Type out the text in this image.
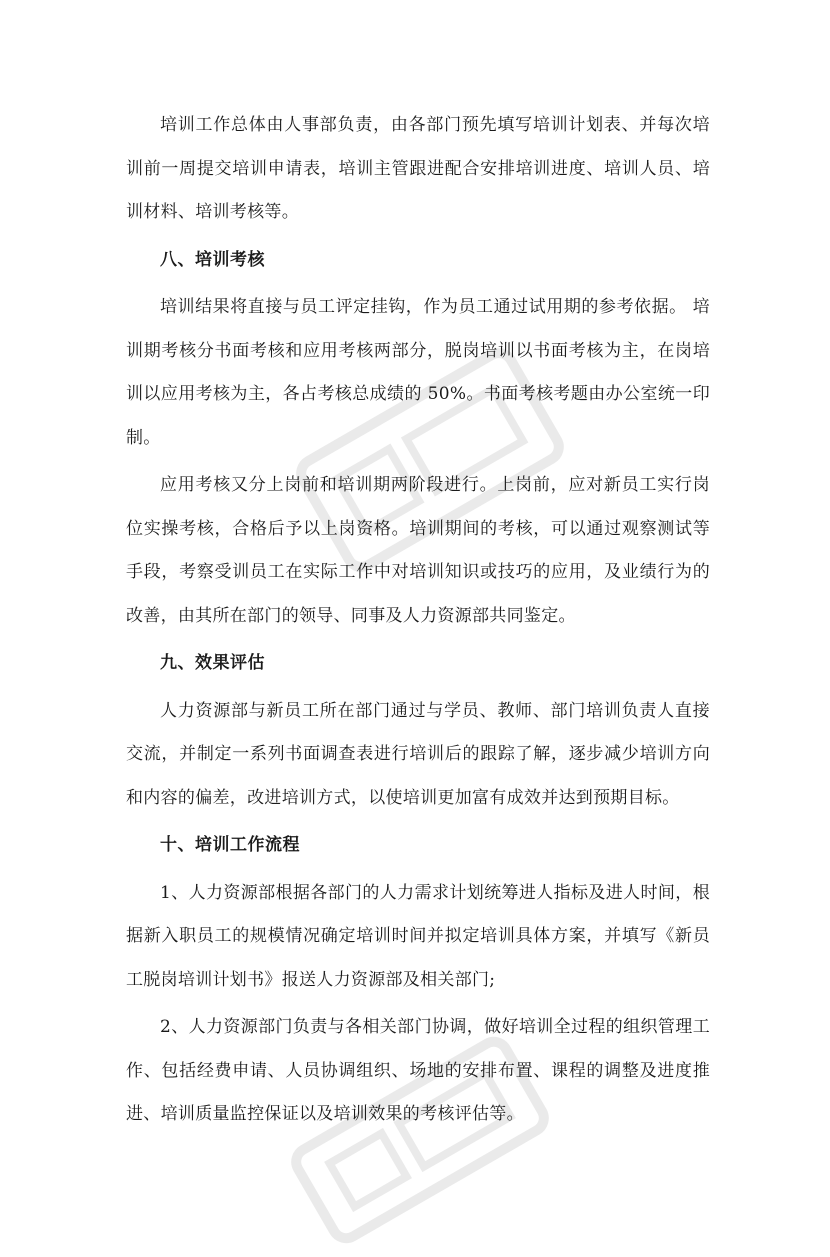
培训工作总体由人事部负责，由各部门预先填写培训计划表、并每次培训前一周提交培训申请表，培训主管跟进配合安排培训进度、培训人员、培训材料、培训考核等。

八、培训考核

培训结果将直接与员工评定挂钩，作为员工通过试用期的参考依据。 培训期考核分书面考核和应用考核两部分，脱岗培训以书面考核为主，在岗培训以应用考核为主，各占考核总成绩的 50%。书面考核考题由办公室统一印制。

应用考核又分上岗前和培训期两阶段进行。上岗前，应对新员工实行岗位实操考核，合格后予以上岗资格。培训期间的考核，可以通过观察测试等手段，考察受训员工在实际工作中对培训知识或技巧的应用，及业绩行为的改善，由其所在部门的领导、同事及人力资源部共同鉴定。

九、效果评估

人力资源部与新员工所在部门通过与学员、教师、部门培训负责人直接交流，并制定一系列书面调查表进行培训后的跟踪了解，逐步减少培训方向和内容的偏差，改进培训方式，以使培训更加富有成效并达到预期目标。

十、培训工作流程

1、人力资源部根据各部门的人力需求计划统筹进人指标及进人时间，根据新入职员工的规模情况确定培训时间并拟定培训具体方案，并填写《新员工脱岗培训计划书》报送人力资源部及相关部门;

2、人力资源部门负责与各相关部门协调，做好培训全过程的组织管理工作、包括经费申请、人员协调组织、场地的安排布置、课程的调整及进度推进、培训质量监控保证以及培训效果的考核评估等。
